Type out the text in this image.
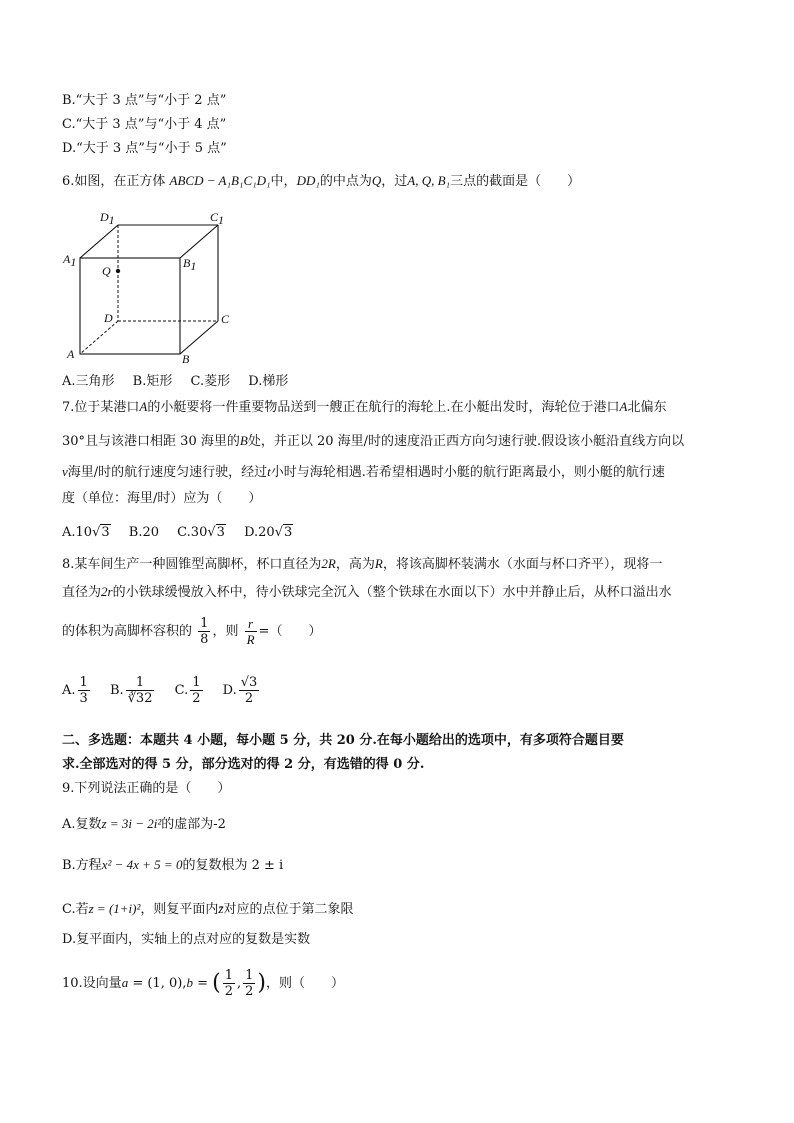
B.“大于 3 点”与“小于 2 点”
C.“大于 3 点”与“小于 4 点”
D.“大于 3 点”与“小于 5 点”
6.如图，在正方体 ABCD − A₁B₁C₁D₁中，DD₁的中点为Q，过A, Q, B₁三点的截面是（　　）
D1	C1
A1	B1
Q
D	C
A	B
A.三角形 B.矩形 C.菱形 D.梯形
7.位于某港口A的小艇要将一件重要物品送到一艘正在航行的海轮上.在小艇出发时，海轮位于港口A北偏东
30°且与该港口相距 30 海里的B处，并正以 20 海里/时的速度沿正西方向匀速行驶.假设该小艇沿直线方向以
v海里/时的航行速度匀速行驶，经过t小时与海轮相遇.若希望相遇时小艇的航行距离最小，则小艇的航行速
度（单位：海里/时）应为（　　）
A.10√3 B.20 C.30√3 D.20√3
8.某车间生产一种圆锥型高脚杯，杯口直径为2R，高为R，将该高脚杯装满水（水面与杯口齐平），现将一
直径为2r的小铁球缓慢放入杯中，待小铁球完全沉入（整个铁球在水面以下）水中并静止后，从杯口溢出水
的体积为高脚杯容积的 $\frac{1}{8}$ ，则 $\frac{r}{R}$ =（　　）
A. $\frac{1}{3} B$. $\frac{1}{∛32} C$. $\frac{1}{2} D$. $\frac{√3}{2}$
二、多选题：本题共 4 小题，每小题 5 分，共 20 分.在每小题给出的选项中，有多项符合题目要
求.全部选对的得 5 分，部分选对的得 2 分，有选错的得 0 分.
9.下列说法正确的是（　　）
A.复数z = 3i − 2i²的虚部为-2
B.方程x² − 4x + 5 = 0的复数根为 2 ± i
C.若z = (1+i)²，则复平面内z̄对应的点位于第二象限
D.复平面内，实轴上的点对应的复数是实数
10.设向量a = (1, 0),b = ( $\frac{1}{2}$ , $\frac{1}{2}$ )，则（　　）
